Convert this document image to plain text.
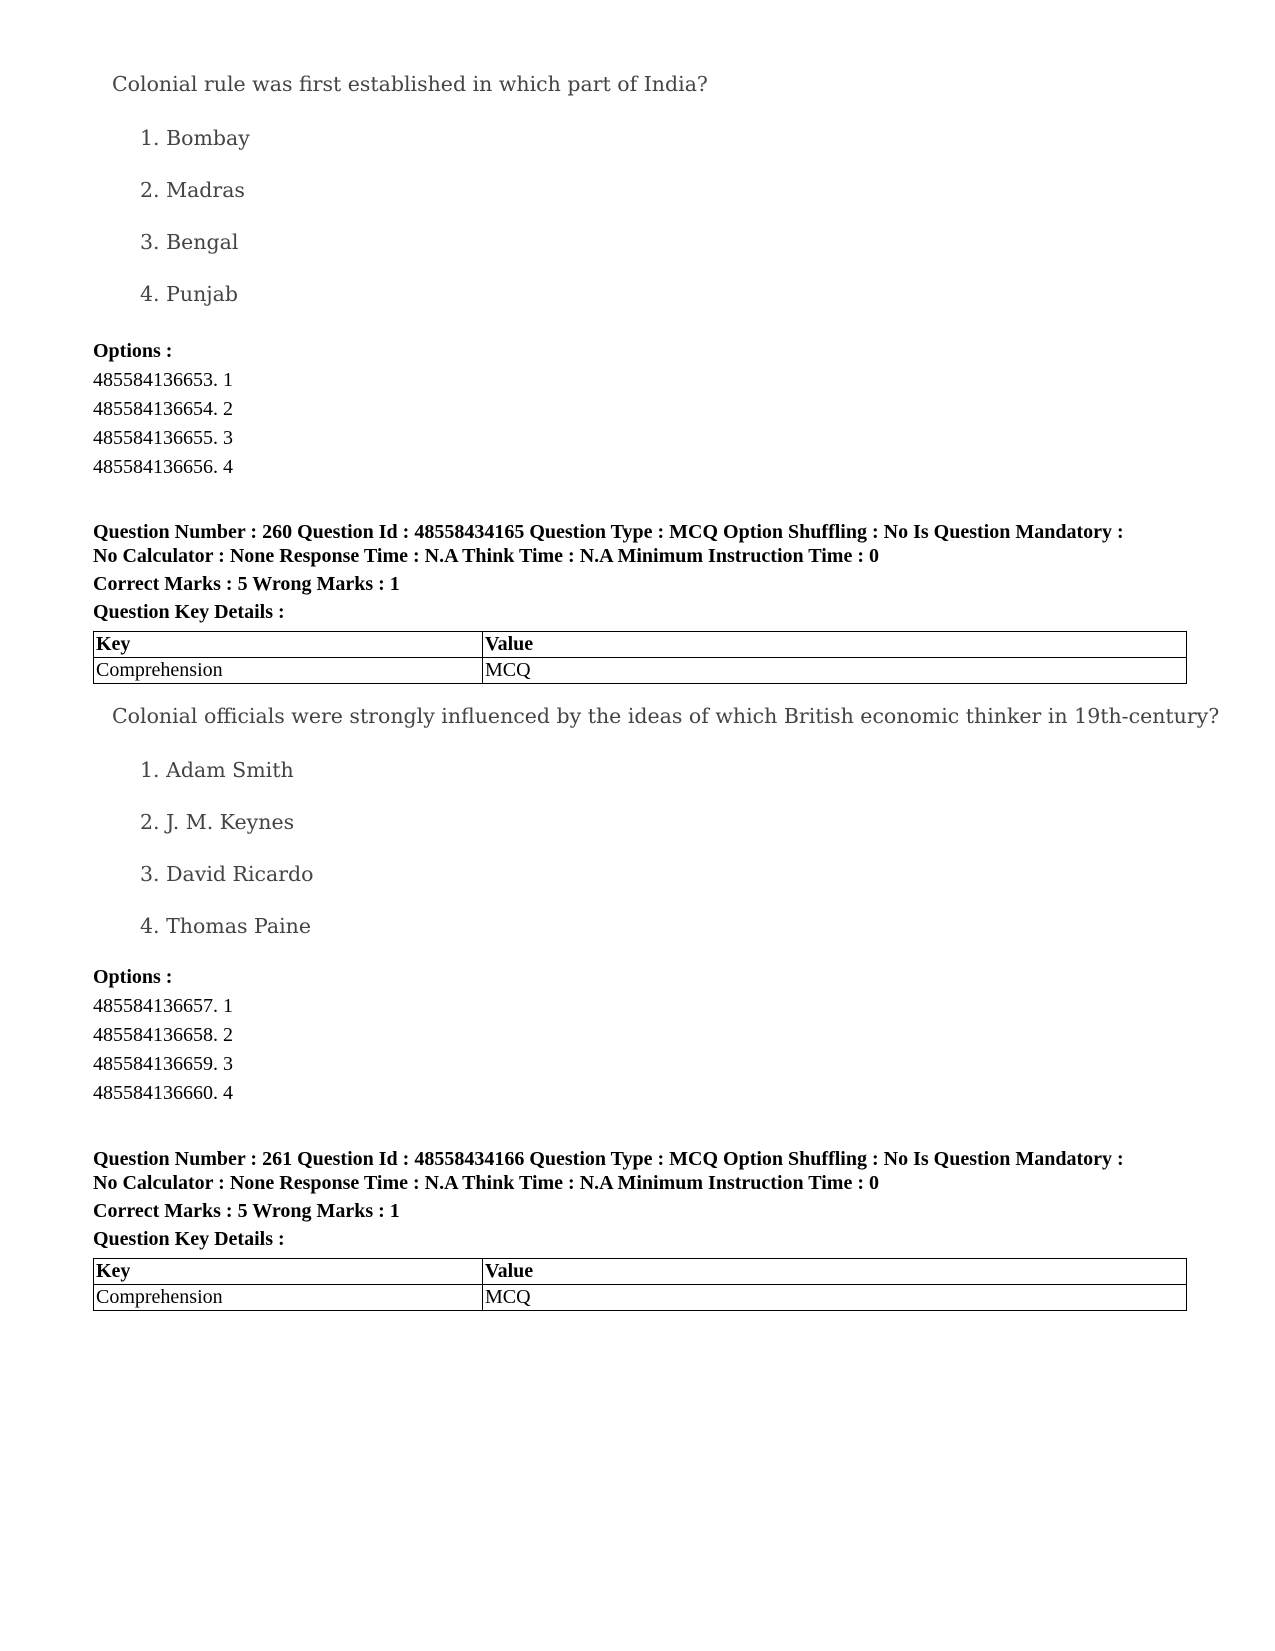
Colonial rule was first established in which part of India?

1. Bombay
2. Madras
3. Bengal
4. Punjab
Options :
485584136653. 1
485584136654. 2
485584136655. 3
485584136656. 4
Question Number : 260 Question Id : 48558434165 Question Type : MCQ Option Shuffling : No Is Question Mandatory :
No Calculator : None Response Time : N.A Think Time : N.A Minimum Instruction Time : 0
Correct Marks : 5 Wrong Marks : 1
Question Key Details :
Key	Value
Comprehension	MCQ

Colonial officials were strongly influenced by the ideas of which British economic thinker in 19th-century?

1. Adam Smith
2. J. M. Keynes
3. David Ricardo
4. Thomas Paine
Options :
485584136657. 1
485584136658. 2
485584136659. 3
485584136660. 4
Question Number : 261 Question Id : 48558434166 Question Type : MCQ Option Shuffling : No Is Question Mandatory :
No Calculator : None Response Time : N.A Think Time : N.A Minimum Instruction Time : 0
Correct Marks : 5 Wrong Marks : 1
Question Key Details :
Key	Value
Comprehension	MCQ
